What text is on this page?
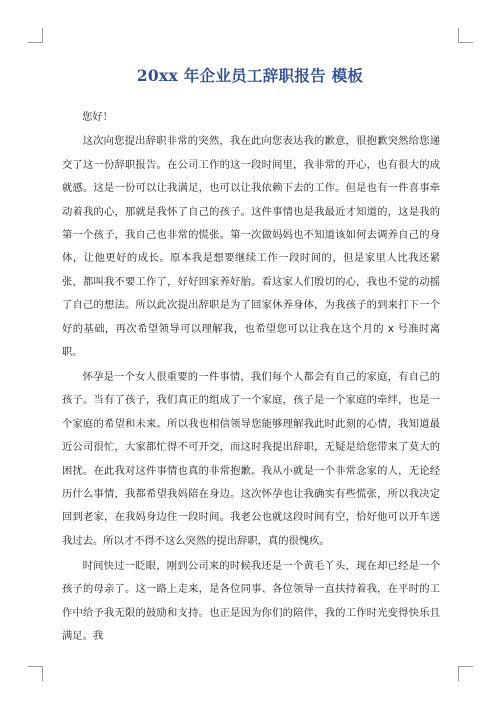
20xx 年企业员工辞职报告 模板

您好！

这次向您提出辞职非常的突然，我在此向您表达我的歉意，很抱歉突然给您递交了这一份辞职报告。在公司工作的这一段时间里，我非常的开心，也有很大的成就感。这是一份可以让我满足，也可以让我依赖下去的工作。但是也有一件喜事牵动着我的心，那就是我怀了自己的孩子。这件事情也是我最近才知道的，这是我的第一个孩子，我自己也非常的慌张。第一次做妈妈也不知道该如何去调养自己的身体，让他更好的成长。原本我是想要继续工作一段时间的，但是家里人比我还紧张，都叫我不要工作了，好好回家养好胎。看这家人们殷切的心，我也不觉的动摇了自己的想法。所以此次提出辞职是为了回家休养身体，为我孩子的到来打下一个好的基础，再次希望领导可以理解我，也希望您可以让我在这个月的 x 号准时离职。

怀孕是一个女人很重要的一件事情，我们每个人都会有自己的家庭，有自己的孩子。当有了孩子，我们真正的组成了一个家庭，孩子是一个家庭的牵绊，也是一个家庭的希望和未来。所以我也相信领导您能够理解我此时此刻的心情，我知道最近公司很忙，大家都忙得不可开交，而这时我提出辞职，无疑是给您带来了莫大的困扰。在此我对这件事情也真的非常抱歉。我从小就是一个非常念家的人，无论经历什么事情，我都希望我妈陪在身边。这次怀孕也让我确实有些慌张，所以我决定回到老家，在我妈身边住一段时间。我老公也就这段时间有空，恰好他可以开车送我过去。所以才不得不这么突然的提出辞职，真的很愧疚。

时间快过一眨眼，刚到公司来的时候我还是一个黄毛丫头，现在却已经是一个孩子的母亲了。这一路上走来，是各位同事、各位领导一直扶持着我，在平时的工作中给予我无限的鼓励和支持。也正是因为你们的陪伴，我的工作时光变得快乐且满足。我
